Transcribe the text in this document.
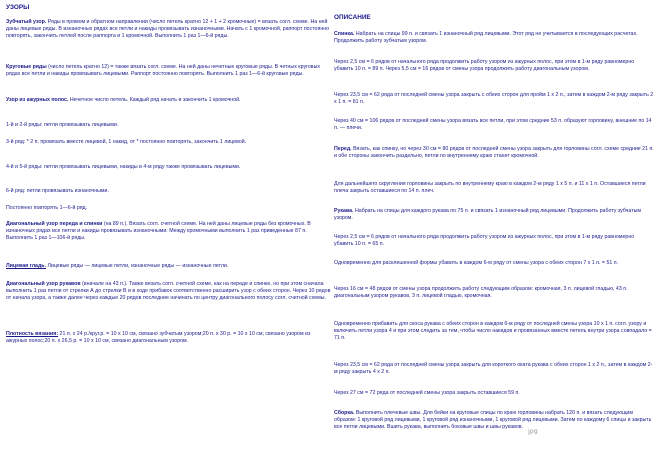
УЗОРЫ

Зубчатый узор. Ряды в прямом и обратном направлении (число петель кратно 12 + 1 + 2 кромочные) = вязать согл. схеме. На ней даны лицевые ряды. В изнаночных рядах все петли и накиды провязывать изнаночными. Начать с 1 кромочной, раппорт постоянно повторять, закончить петлей после раппорта и 1 кромочной. Выполнить 1 раз 1—6-й ряды.

Круговые ряды (число петель кратно 12) = также вязать согл. схеме. На ней даны нечетные круговые ряды. В четных круговых рядах все петли и накиды провязывать лицевыми. Раппорт постоянно повторять. Выполнить 1 раз 1—6-й круговые ряды.

Узор из ажурных полос. Нечетное число петель. Каждый ряд начать и закончить 1 кромочной.

1-й и 2-й ряды: петли провязывать лицевыми.

3-й ряд: * 2 п. провязать вместе лицевой, 1 накид, от * постоянно повторять, закончить 1 лицевой.

4-й и 5-й ряды: петли провязывать лицевыми, накиды в 4-м ряду также провязывать лицевыми.

6-й ряд: петли провязывать изнаночными.

Постоянно повторять 1—6-й ряд.

Диагональный узор переда и спинки (на 89 п.). Вязать согл. счетной схеме. На ней даны лицевые ряды без кромочных. В изнаночных рядах все петли и накиды провязывать изнаночными. Между кромочными выполнить 1 раз приведенные 87 п. Выполнить 1 раз 1—106-й ряды.

Лицевая гладь. Лицевые ряды — лицевые петли, изнаночные ряды — изнаночные петли.

Диагональный узор рукавов (вначале на 43 п.). Также вязать согл. счетной схеме, как на переде и спинке, но при этом сначала выполнить 1 раз петли от стрелки А до стрелки В и в ходе прибавок соответственно расширить узор с обеих сторон. Через 10 рядов от начала узора, а также далее через каждые 20 рядов последние начинать по центру диагонального полосу согл. счетной схемы.

Плотность вязания: 21 п. х 24 р./круг.р. = 10 х 10 см, связано зубчатым узором;20 п. х 30 р. = 10 х 10 см, связано узором из ажурных полос;20 п. х 26,5 р. = 10 х 10 см, связано диагональным узором.

ОПИСАНИЕ

Спинка. Набрать на спицы 99 п. и связать 1 изнаночный ряд лицевыми. Этот ряд не учитывается в последующих расчетах. Продолжить работу зубчатым узором.

Через 2,5 см = 6 рядов от начального ряда продолжить работу узором из ажурных полос, при этом в 1-м ряду равномерно убавить 10 п. = 89 п. Через 5,5 см = 16 рядов от смены узора продолжить работу диагональным узором.

Через 23,5 см = 62 ряда от последней смены узора закрыть с обеих сторон для пройм 1 х 2 п., затем в каждом 2-м ряду закрыть 2 х 1 п. = 81 п.

Через 40 см = 106 рядов от последней смены узора вязать все петли, при этом средние 53 п. образуют горловину, внешние по 14 п. — плечи.

Перед. Вязать, как спинку, но через 30 см = 80 рядов от последней смены узора закрыть для горловины согл. схеме средние 21 п. и обе стороны закончить раздельно, петли по внутреннему краю станет кромочной.

Для дальнейшего скругления горловины закрыть по внутреннему краю в каждом 2-м ряду 1 х 5 п. и 11 х 1 п. Оставшиеся петли плеча закрыть оставшиеся по 14 п. плеч.

Рукава. Набрать на спицы для каждого рукава по 75 п. и связать 1 изнаночный ряд лицевыми. Продолжить работу зубчатым узором.

Через 2,5 см = 6 рядов от начального ряда продолжить работу узором из ажурных полос, при этом в 1-м ряду равномерно убавить 10 п. = 65 п.

Одновременно для расклешенной формы убавить в каждом 6-м ряду от смены узора с обеих сторон 7 х 1 п. = 51 п.

Через 16 см = 48 рядов от смены узора продолжить работу следующим образом: кромочная, 3 п. лицевой гладью, 43 п. диагональным узором рукавов, 3 п. лицевой гладью, кромочная.

Одновременно прибавить для скоса рукава с обеих сторон в каждом 6-м ряду от последней смены узора 10 х 1 п. согл. узору и включить петли узора 4 и при этом следить за тем, чтобы число накидов и провязанных вместе петель внутри узора совпадало = 71 п.

Через 23,5 см = 62 ряда от последней смены узора закрыть для короткого оката рукава с обеих сторон 1 х 2 п., затем в каждом 2-м ряду закрыть 4 х 2 п.

Через 27 см = 72 ряда от последней смены узора закрыть оставшиеся 59 п.

Сборка. Выполнить плечевые швы. Для бейки на круговые спицы по краю горловины набрать 120 п. и вязать следующим образом: 1 круговой ряд лицевыми, 1 круговой ряд изнаночными, 1 круговой ряд лицевыми. Затем по каждому 6 спицы и закрыть все петли лицевыми. Вшить рукава, выполнить боковые швы и швы рукавов.

jpg
